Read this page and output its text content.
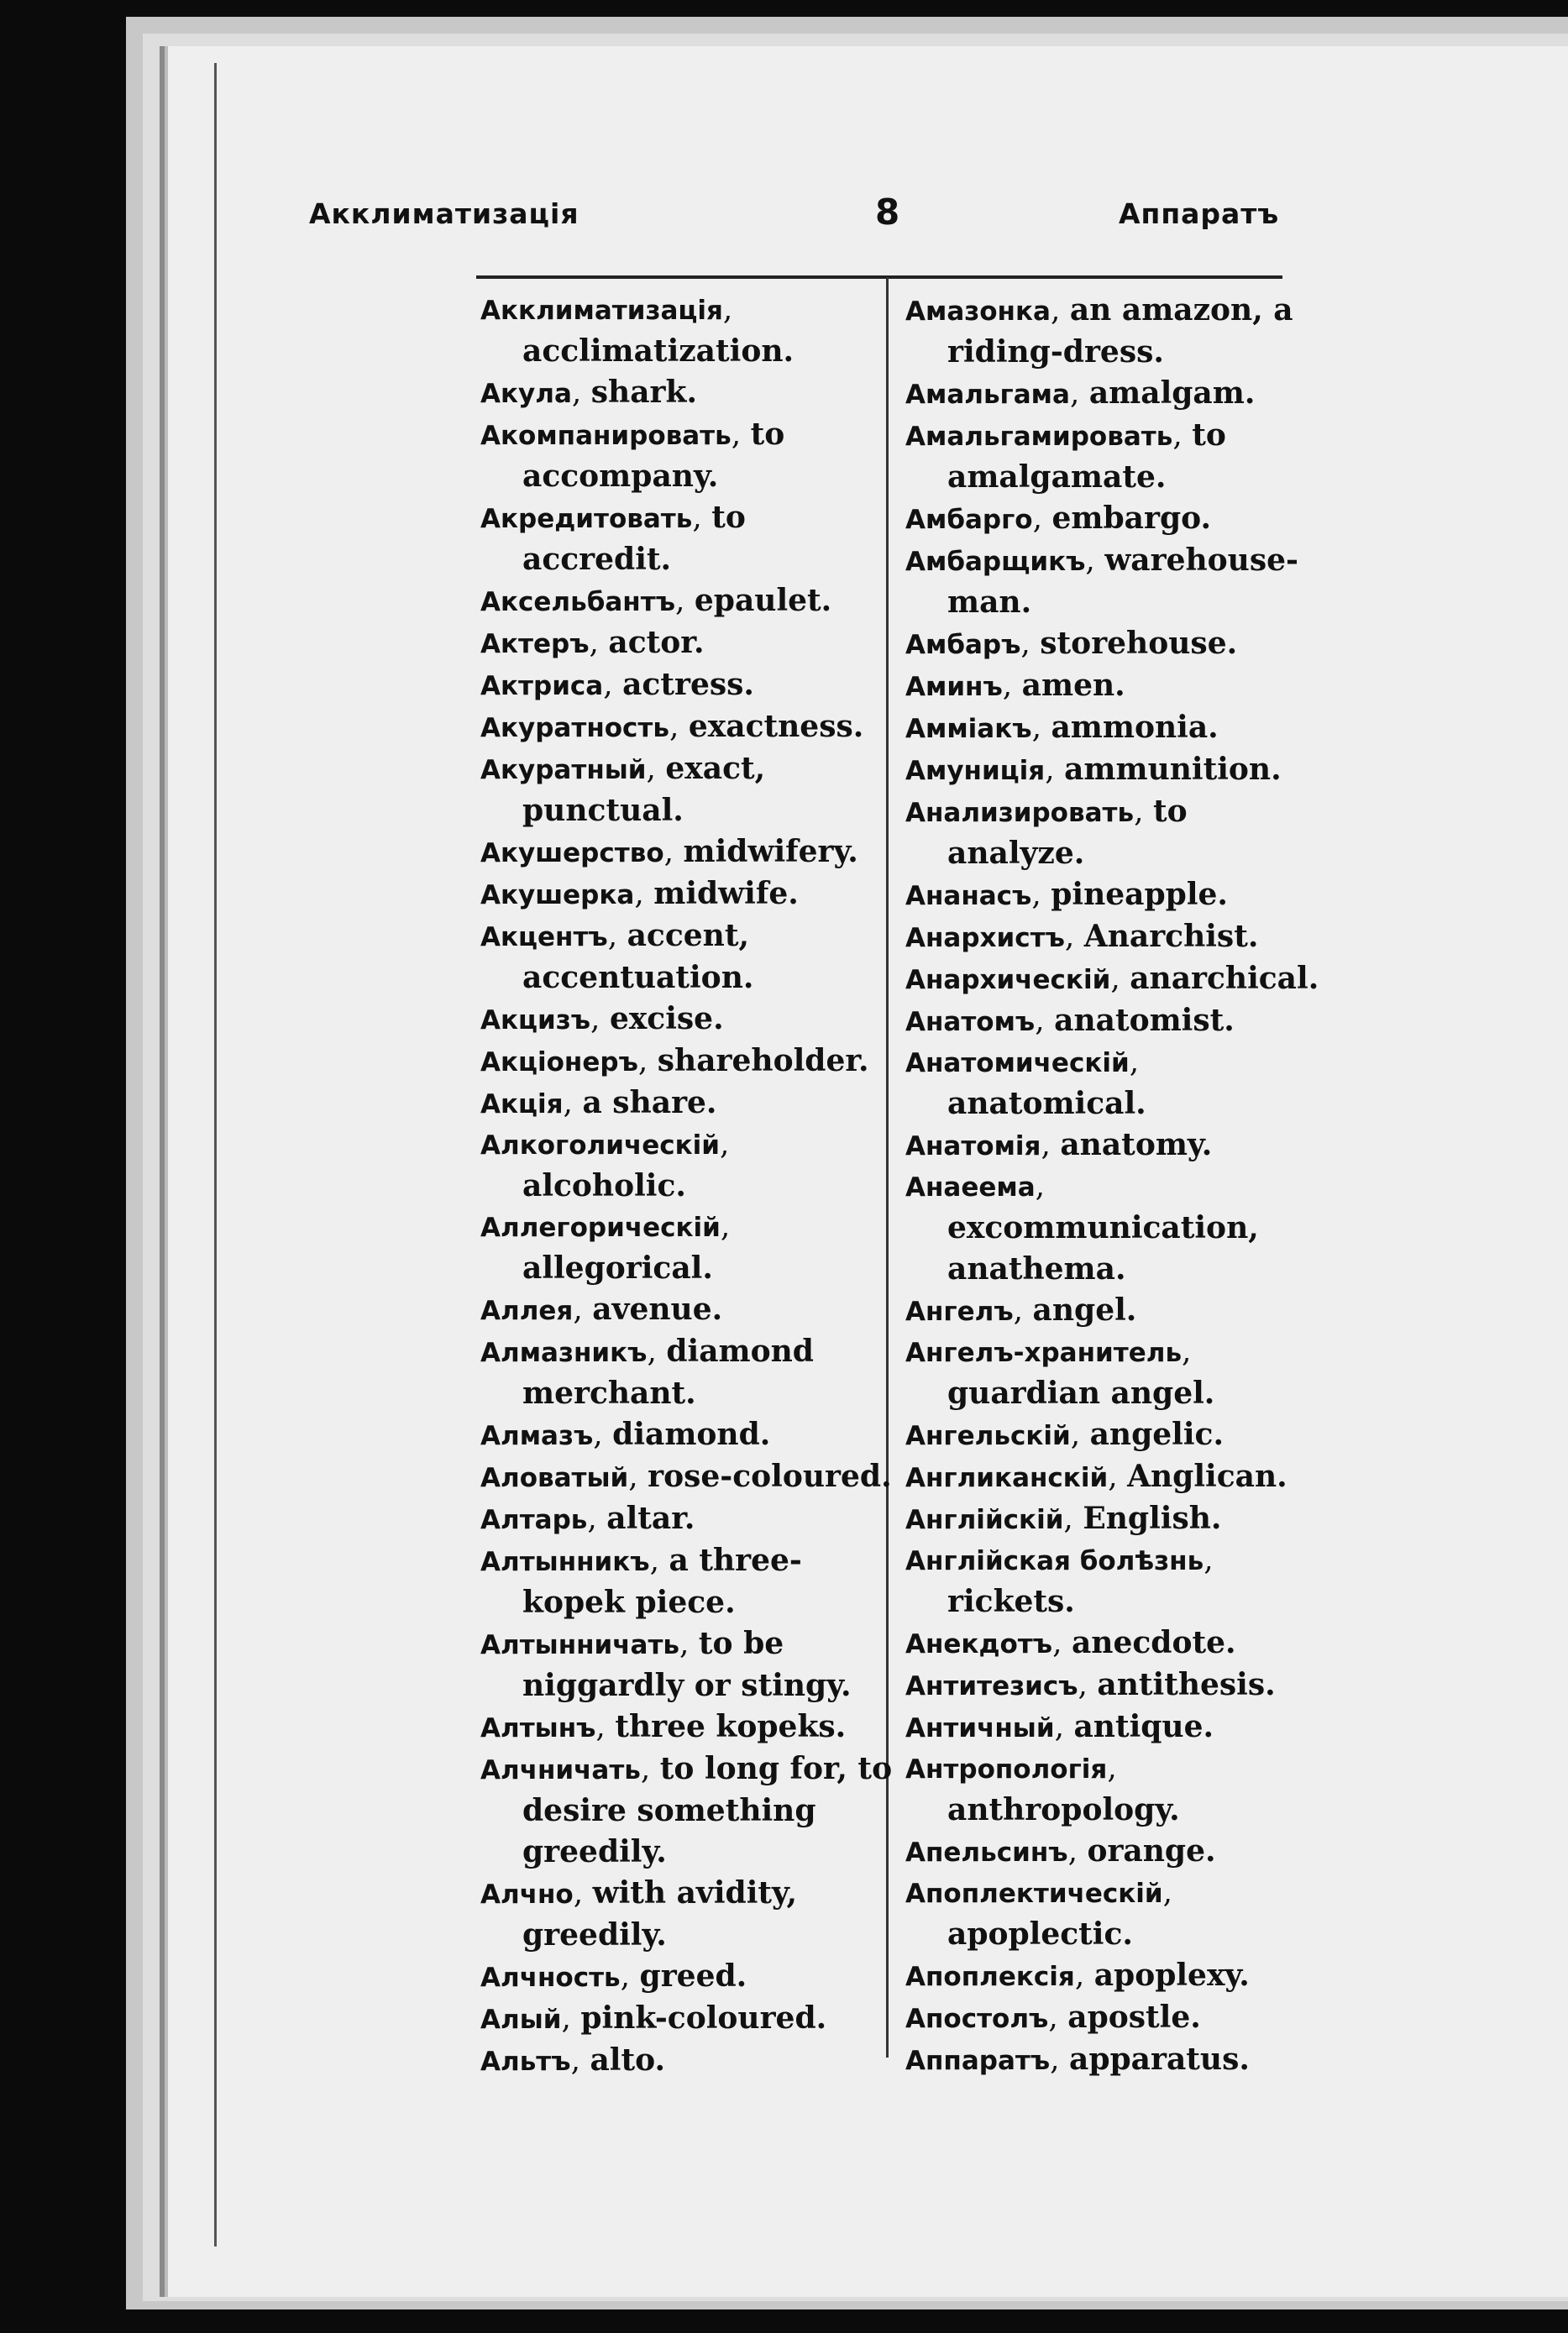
Акклиматизація	8	Аппаратъ

Акклиматизація, acclimatization.

Акула, shark.

Акомпанировать, to accompany.

Акредитовать, to accredit.

Аксельбантъ, epaulet.

Актеръ, actor.

Актриса, actress.

Акуратность, exactness.

Акуратный, exact, punctual.

Акушерство, midwifery.

Акушерка, midwife.

Акцентъ, accent, accentuation.

Акцизъ, excise.

Акціонеръ, shareholder.

Акція, a share.

Алкоголическій, alcoholic.

Аллегорическій, allegorical.

Аллея, avenue.

Алмазникъ, diamond merchant.

Алмазъ, diamond.

Аловатый, rose-coloured.

Алтарь, altar.

Алтынникъ, a three-kopek piece.

Алтынничать, to be niggardly or stingy.

Алтынъ, three kopeks.

Алчничать, to long for, to desire something greedily.

Алчно, with avidity, greedily.

Алчность, greed.

Алый, pink-coloured.

Альтъ, alto.

Амазонка, an amazon, a riding-dress.

Амальгама, amalgam.

Амальгамировать, to amalgamate.

Амбарго, embargo.

Амбарщикъ, warehouse-man.

Амбаръ, storehouse.

Аминъ, amen.

Аммiакъ, ammonia.

Амуниція, ammunition.

Анализировать, to analyze.

Ананасъ, pineapple.

Анархистъ, Anarchist.

Анархическій, anarchical.

Анатомъ, anatomist.

Анатомическій, anatomical.

Анатомія, anatomy.

Анаеема, excommunication, anathema.

Ангелъ, angel.

Ангелъ-хранитель, guardian angel.

Ангельскій, angelic.

Англиканскій, Anglican.

Англійскій, English.

Англійская болѣзнь, rickets.

Анекдотъ, anecdote.

Антитезисъ, antithesis.

Античный, antique.

Антропологія, anthropology.

Апельсинъ, orange.

Апоплектическій, apoplectic.

Апоплексія, apoplexy.

Апостолъ, apostle.

Аппаратъ, apparatus.
